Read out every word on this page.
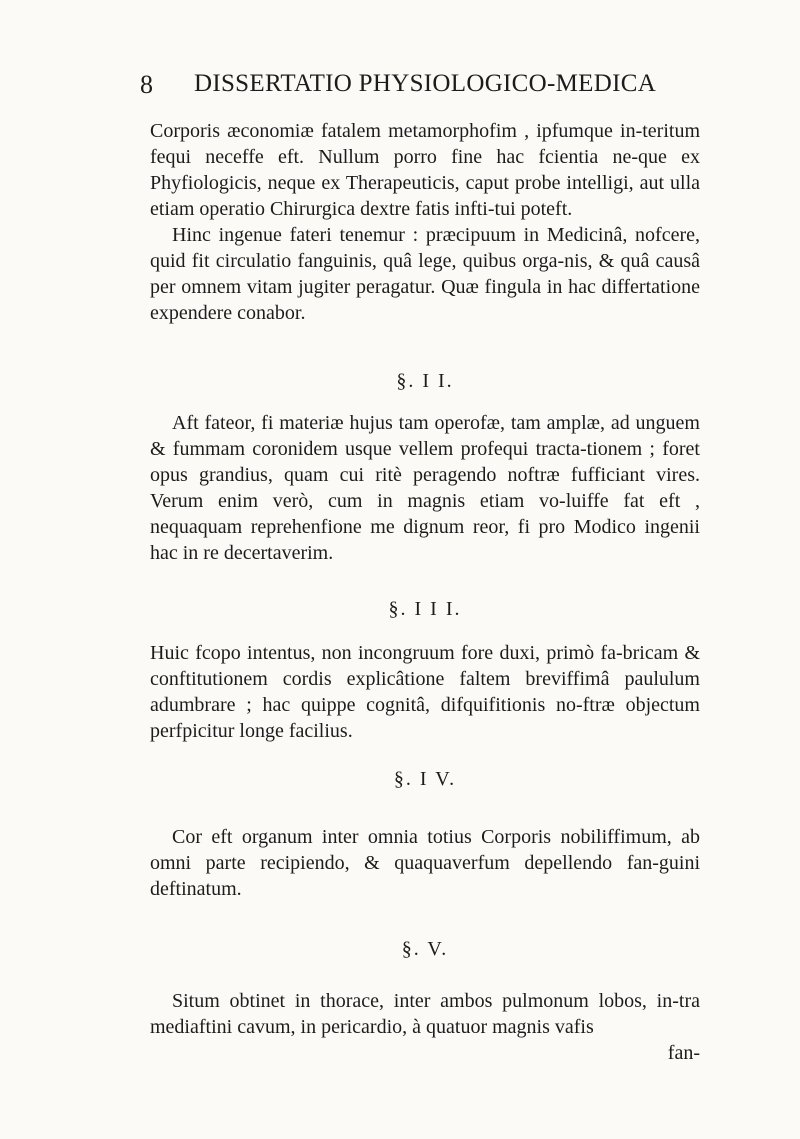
8 DISSERTATIO PHYSIOLOGICO-MEDICA

Corporis æconomiæ fatalem metamorphofim , ipfumque in-teritum fequi neceffe eft. Nullum porro fine hac fcientia ne-que ex Phyfiologicis, neque ex Therapeuticis, caput probe intelligi, aut ulla etiam operatio Chirurgica dextre fatis infti-tui poteft.

Hinc ingenue fateri tenemur : præcipuum in Medicinâ, nofcere, quid fit circulatio fanguinis, quâ lege, quibus orga-nis, & quâ causâ per omnem vitam jugiter peragatur. Quæ fingula in hac differtatione expendere conabor.

§. I I.

Aft fateor, fi materiæ hujus tam operofæ, tam amplæ, ad unguem & fummam coronidem usque vellem profequi tracta-tionem ; foret opus grandius, quam cui ritè peragendo noftræ fufficiant vires. Verum enim verò, cum in magnis etiam vo-luiffe fat eft , nequaquam reprehenfione me dignum reor, fi pro Modico ingenii hac in re decertaverim.

§. I I I.

Huic fcopo intentus, non incongruum fore duxi, primò fa-bricam & conftitutionem cordis explicâtione faltem breviffimâ paululum adumbrare ; hac quippe cognitâ, difquifitionis no-ftræ objectum perfpicitur longe facilius.

§. I V.

Cor eft organum inter omnia totius Corporis nobiliffimum, ab omni parte recipiendo, & quaquaverfum depellendo fan-guini deftinatum.

§. V.

Situm obtinet in thorace, inter ambos pulmonum lobos, in-tra mediaftini cavum, in pericardio, à quatuor magnis vafis

fan-
